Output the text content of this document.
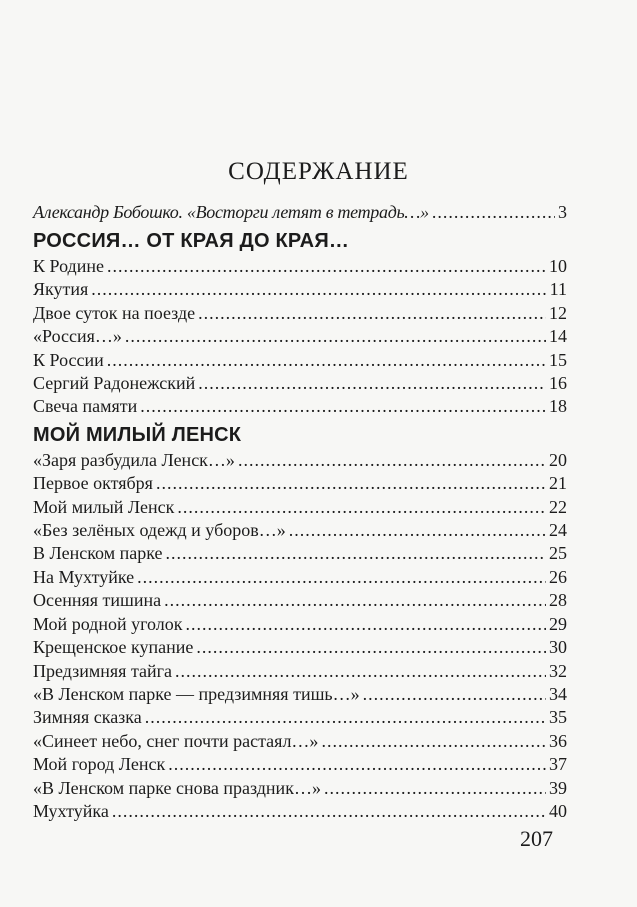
СОДЕРЖАНИЕ
Александр Бобошко. «Восторги летят в тетрадь…» .....	3
РОССИЯ… ОТ КРАЯ ДО КРАЯ…
К Родине .....	10
Якутия .....	11
Двое суток на поезде .....	12
«Россия…» .....	14
К России .....	15
Сергий Радонежский .....	16
Свеча памяти .....	18
МОЙ МИЛЫЙ ЛЕНСК
«Заря разбудила Ленск…» .....	20
Первое октября .....	21
Мой милый Ленск .....	22
«Без зелёных одежд и уборов…» .....	24
В Ленском парке .....	25
На Мухтуйке .....	26
Осенняя тишина .....	28
Мой родной уголок .....	29
Крещенское купание .....	30
Предзимняя тайга .....	32
«В Ленском парке — предзимняя тишь…» .....	34
Зимняя сказка .....	35
«Синеет небо, снег почти растаял…» .....	36
Мой город Ленск .....	37
«В Ленском парке снова праздник…» .....	39
Мухтуйка .....	40
207
